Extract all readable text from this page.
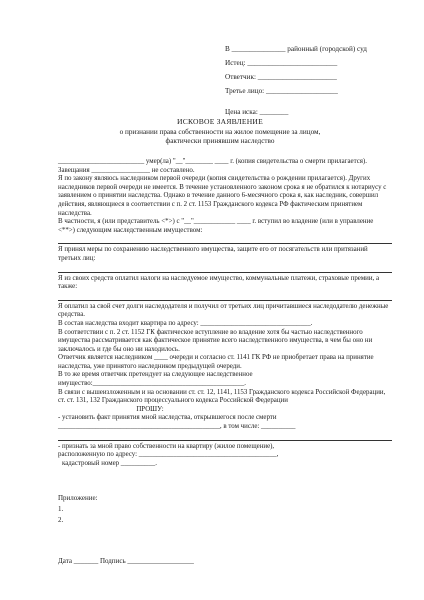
В _______________ районный (городской) суд
Истец: _________________________
Ответчик: ______________________
Третье лицо: ____________________
Цена иска: ________
ИСКОВОЕ ЗАЯВЛЕНИЕ
о признании права собственности на жилое помещение за лицом,
фактически принявшим наследство

_________________________ умер(ла) "__"________ ____ г. (копия свидетельства о смерти прилагается). Завещания _________________ не составлено.

Я по закону являюсь наследником первой очереди (копия свидетельства о рождении прилагается). Других наследников первой очереди не имеется. В течение установленного законом срока я не обратился к нотариусу с заявлением о принятии наследства. Однако в течение данного 6-месячного срока я, как наследник, совершил действия, являющиеся в соответствии с п. 2 ст. 1153 Гражданского кодекса РФ фактическим принятием наследства.

В частности, я (или представитель <*>) с "__"____________ ____ г. вступил во владение (или в управление <**>) следующим наследственным имуществом:

Я принял меры по сохранению наследственного имущества, защите его от посягательств или притязаний третьих лиц:

Я из своих средств оплатил налоги на наследуемое имущество, коммунальные платежи, страховые премии, а также:

Я оплатил за свой счет долги наследодателя и получил от третьих лиц причитавшиеся наследодателю денежные средства.

В состав наследства входит квартира по адресу: ________________________________.

В соответствии с п. 2 ст. 1152 ГК фактическое вступление во владение хотя бы частью наследственного имущества рассматривается как фактическое принятие всего наследственного имущества, в чем бы оно ни заключалось и где бы оно ни находилось.

Ответчик является наследником ____ очереди и согласно ст. 1141 ГК РФ не приобретает права на принятие наследства, уже принятого наследником предыдущей очереди.

В то же время ответчик претендует на следующее наследственное

имущество:____________________________________________.

В связи с вышеизложенным и на основании ст. ст. 12, 1141, 1153 Гражданского кодекса Российской Федерации, ст. ст. 131, 132 Гражданского процессуального кодекса Российской Федерации

ПРОШУ:

- установить факт принятия мной наследства, открывшегося после смерти

_______________________________________________, в том числе: __________

- признать за мной право собственности на квартиру (жилое помещение),

расположенную по адресу: ________________________________________,

кадастровый номер __________.

Приложение:
1.
2.
Дата _______ Подпись ___________________
